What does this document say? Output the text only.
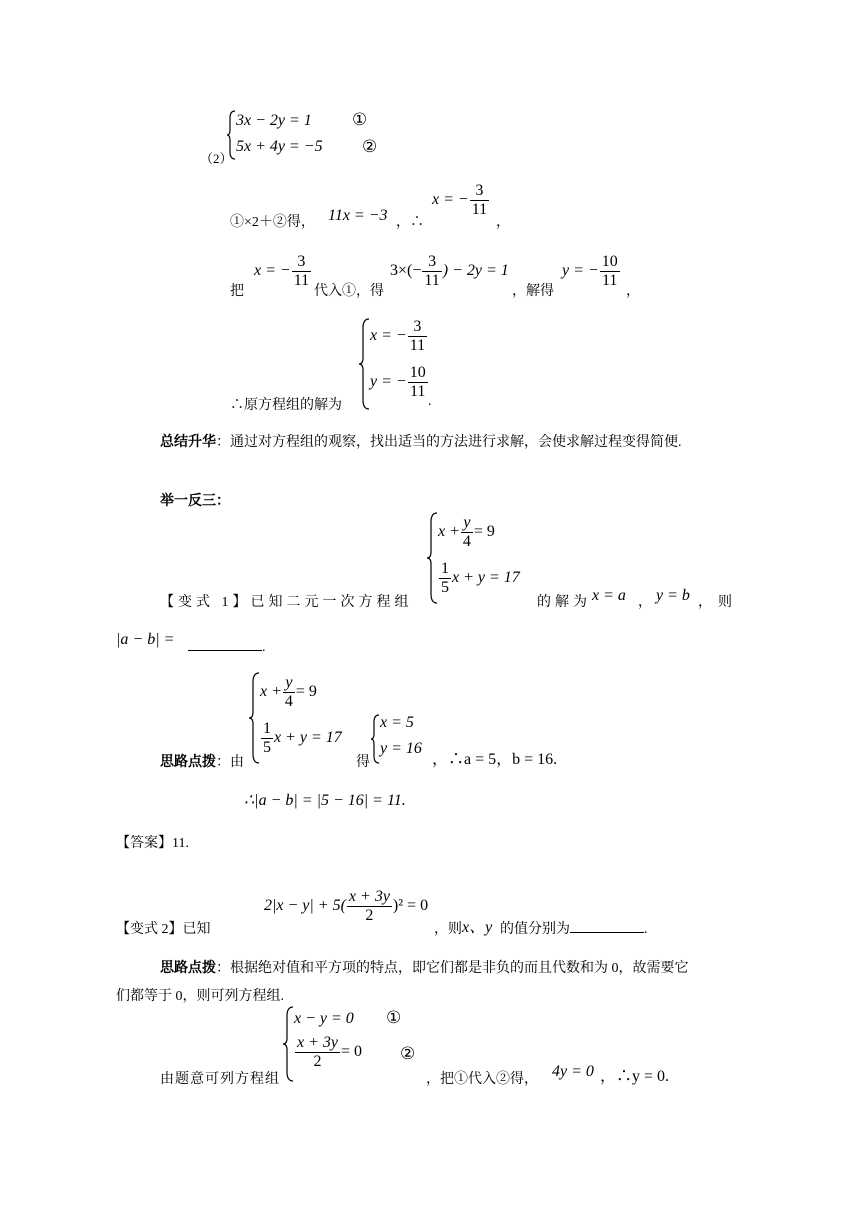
（2）
3x − 2y = 1 ①
5x + 4y = −5 ②
①×2＋②得， 11x = −3 ，∴
x = − $\frac{3}{11}$
，
把
x = − $\frac{3}{11}$
代入①，得
$3\times(- \frac{3}{11}$ ) − 2y = 1
，解得
y = − $\frac{10}{11}$
，
∴原方程组的解为
x = − $\frac{3}{11}$
y = − $\frac{10}{11}$
.
总结升华：通过对方程组的观察，找出适当的方法进行求解，会使求解过程变得简便.
举一反三：
【变式 1】已知二元一次方程组
$x + \frac{y}{4} = 9$
$\frac{1}{5}$ x + y = 17
的解为 x = a ， y = b ，则
|a − b| =	.
思路点拨：由
$x + \frac{y}{4} = 9$
$\frac{1}{5}$ x + y = 17
得
x = 5
y = 16
，∴a = 5，b = 16.
∴|a − b| = |5 − 16| = 11.
【答案】11.
【变式 2】已知
$2|x - y| + 5( \frac{x + 3y}{2} )^2 = 0$
，则 x、y 的值分别为	.
思路点拨：根据绝对值和平方项的特点，即它们都是非负的而且代数和为 0，故需要它
们都等于 0，则可列方程组.
由题意可列方程组
x − y = 0 ①
$\frac{x + 3y}{2} = 0$ ②
，把①代入②得， 4y = 0 ，∴y = 0.
